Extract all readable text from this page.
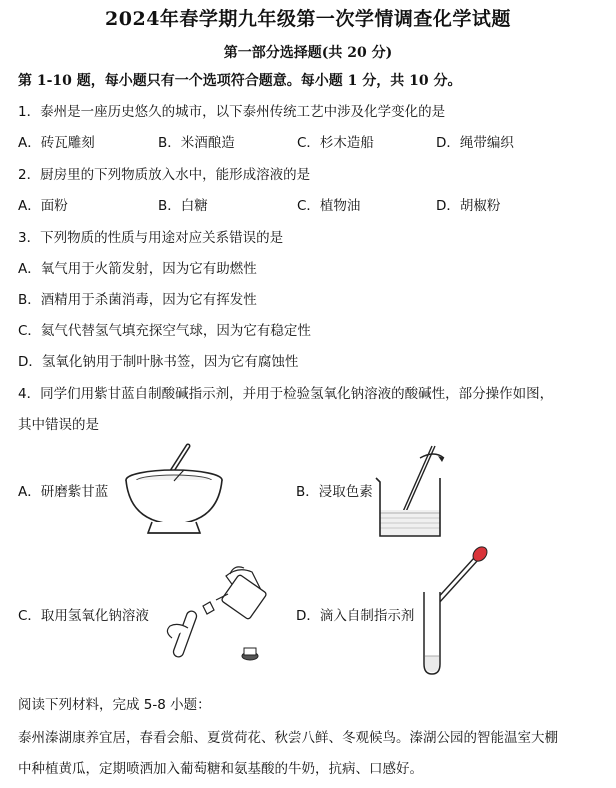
2024年春学期九年级第一次学情调查化学试题
第一部分选择题(共 20 分)
第 1-10 题，每小题只有一个选项符合题意。每小题 1 分，共 10 分。
1．泰州是一座历史悠久的城市，以下泰州传统工艺中涉及化学变化的是
A．砖瓦雕刻	B．米酒酿造	C．杉木造船	D．绳带编织
2．厨房里的下列物质放入水中，能形成溶液的是
A．面粉	B．白糖	C．植物油	D．胡椒粉
3．下列物质的性质与用途对应关系错误的是
A．氧气用于火箭发射，因为它有助燃性
B．酒精用于杀菌消毒，因为它有挥发性
C．氦气代替氢气填充探空气球，因为它有稳定性
D．氢氧化钠用于制叶脉书签，因为它有腐蚀性
4．同学们用紫甘蓝自制酸碱指示剂，并用于检验氢氧化钠溶液的酸碱性，部分操作如图，
其中错误的是
A．研磨紫甘蓝	B．浸取色素
C．取用氢氧化钠溶液	D．滴入自制指示剂
阅读下列材料，完成 5-8 小题：
泰州溱湖康养宜居，春看会船、夏赏荷花、秋尝八鲜、冬观候鸟。溱湖公园的智能温室大棚
中种植黄瓜，定期喷洒加入葡萄糖和氨基酸的牛奶，抗病、口感好。
